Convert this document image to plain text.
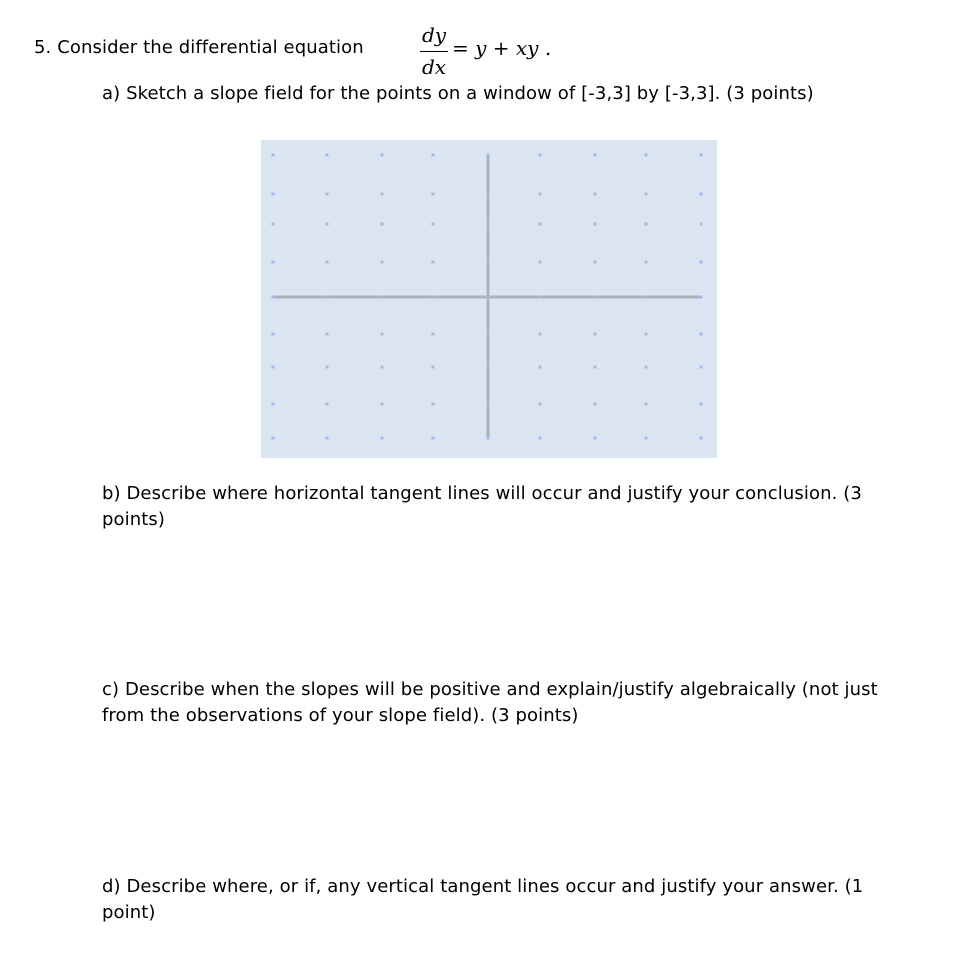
5. Consider the differential equation
dy
dx
= y + xy .
a) Sketch a slope field for the points on a window of [-3,3] by [-3,3]. (3 points)
b) Describe where horizontal tangent lines will occur and justify your conclusion. (3 points)
c) Describe when the slopes will be positive and explain/justify algebraically (not just from the observations of your slope field). (3 points)
d) Describe where, or if, any vertical tangent lines occur and justify your answer. (1 point)
